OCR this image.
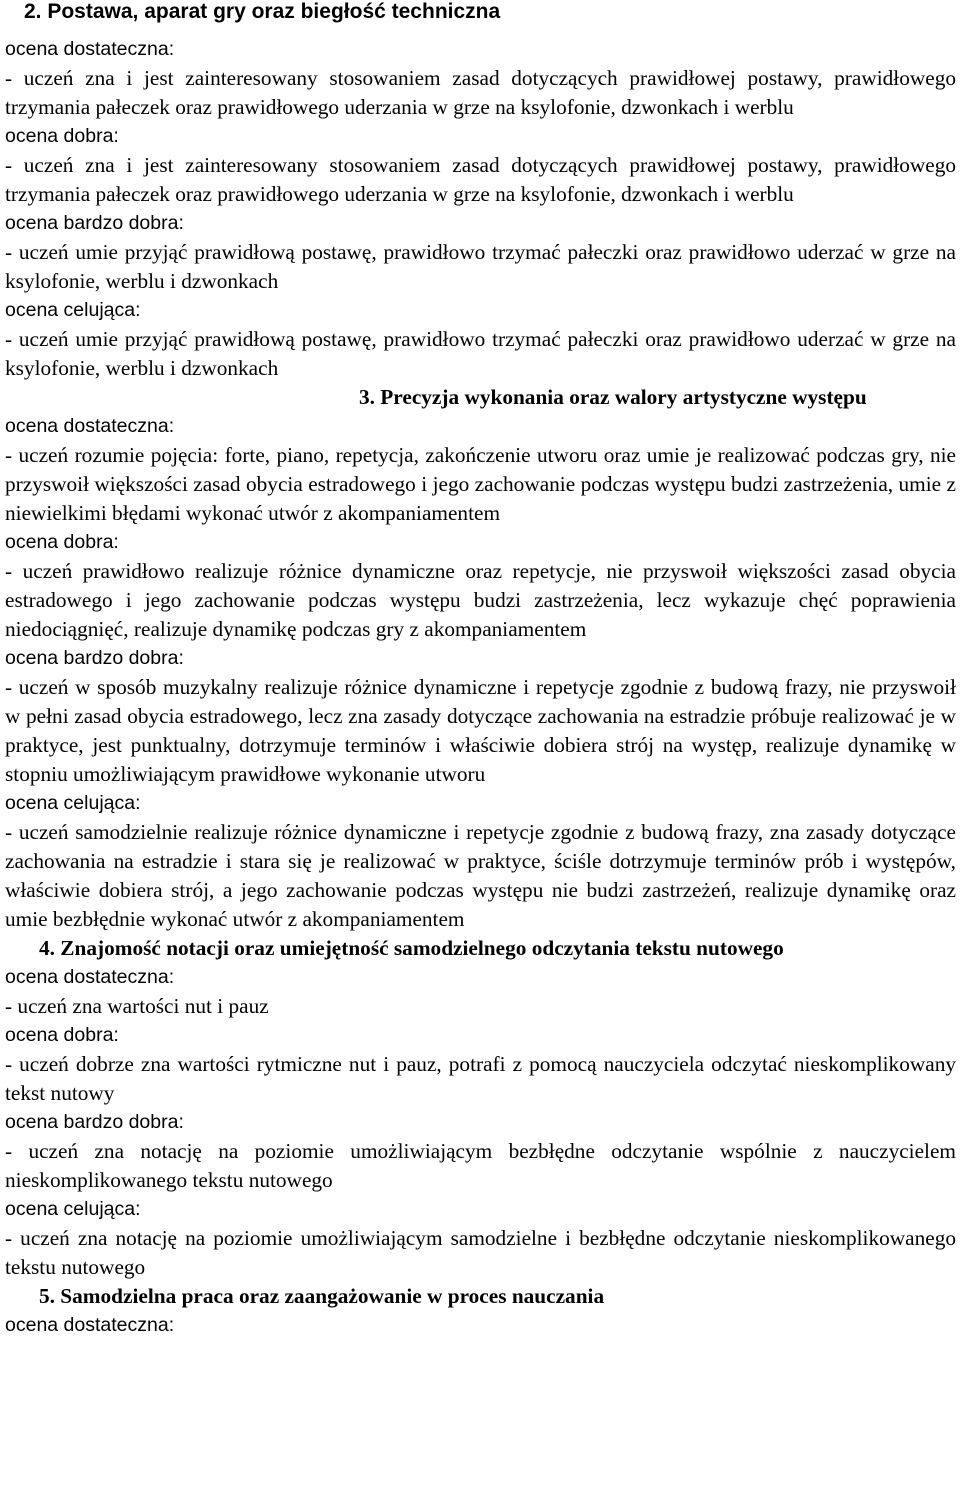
2. Postawa, aparat gry oraz biegłość techniczna

ocena dostateczna:

- uczeń zna i jest zainteresowany stosowaniem zasad dotyczących prawidłowej postawy, prawidłowego trzymania pałeczek oraz prawidłowego uderzania w grze na ksylofonie, dzwonkach i werblu

ocena dobra:

- uczeń zna i jest zainteresowany stosowaniem zasad dotyczących prawidłowej postawy, prawidłowego trzymania pałeczek oraz prawidłowego uderzania w grze na ksylofonie, dzwonkach i werblu

ocena bardzo dobra:

- uczeń umie przyjąć prawidłową postawę, prawidłowo trzymać pałeczki oraz prawidłowo uderzać w grze na ksylofonie, werblu i dzwonkach

ocena celująca:

- uczeń umie przyjąć prawidłową postawę, prawidłowo trzymać pałeczki oraz prawidłowo uderzać w grze na ksylofonie, werblu i dzwonkach

3. Precyzja wykonania oraz walory artystyczne występu

ocena dostateczna:

- uczeń rozumie pojęcia: forte, piano, repetycja, zakończenie utworu oraz umie je realizować podczas gry, nie przyswoił większości zasad obycia estradowego i jego zachowanie podczas występu budzi zastrzeżenia, umie z niewielkimi błędami wykonać utwór z akompaniamentem

ocena dobra:

- uczeń prawidłowo realizuje różnice dynamiczne oraz repetycje, nie przyswoił większości zasad obycia estradowego i jego zachowanie podczas występu budzi zastrzeżenia, lecz wykazuje chęć poprawienia niedociągnięć, realizuje dynamikę podczas gry z akompaniamentem

ocena bardzo dobra:

- uczeń w sposób muzykalny realizuje różnice dynamiczne i repetycje zgodnie z budową frazy, nie przyswoił w pełni zasad obycia estradowego, lecz zna zasady dotyczące zachowania na estradzie próbuje realizować je w praktyce, jest punktualny, dotrzymuje terminów i właściwie dobiera strój na występ, realizuje dynamikę w stopniu umożliwiającym prawidłowe wykonanie utworu

ocena celująca:

- uczeń samodzielnie realizuje różnice dynamiczne i repetycje zgodnie z budową frazy, zna zasady dotyczące zachowania na estradzie i stara się je realizować w praktyce, ściśle dotrzymuje terminów prób i występów, właściwie dobiera strój, a jego zachowanie podczas występu nie budzi zastrzeżeń, realizuje dynamikę oraz umie bezbłędnie wykonać utwór z akompaniamentem

4. Znajomość notacji oraz umiejętność samodzielnego odczytania tekstu nutowego

ocena dostateczna:

- uczeń zna wartości nut i pauz

ocena dobra:

- uczeń dobrze zna wartości rytmiczne nut i pauz, potrafi z pomocą nauczyciela odczytać nieskomplikowany tekst nutowy

ocena bardzo dobra:

- uczeń zna notację na poziomie umożliwiającym bezbłędne odczytanie wspólnie z nauczycielem nieskomplikowanego tekstu nutowego

ocena celująca:

- uczeń zna notację na poziomie umożliwiającym samodzielne i bezbłędne odczytanie nieskomplikowanego tekstu nutowego

5. Samodzielna praca oraz zaangażowanie w proces nauczania

ocena dostateczna:
